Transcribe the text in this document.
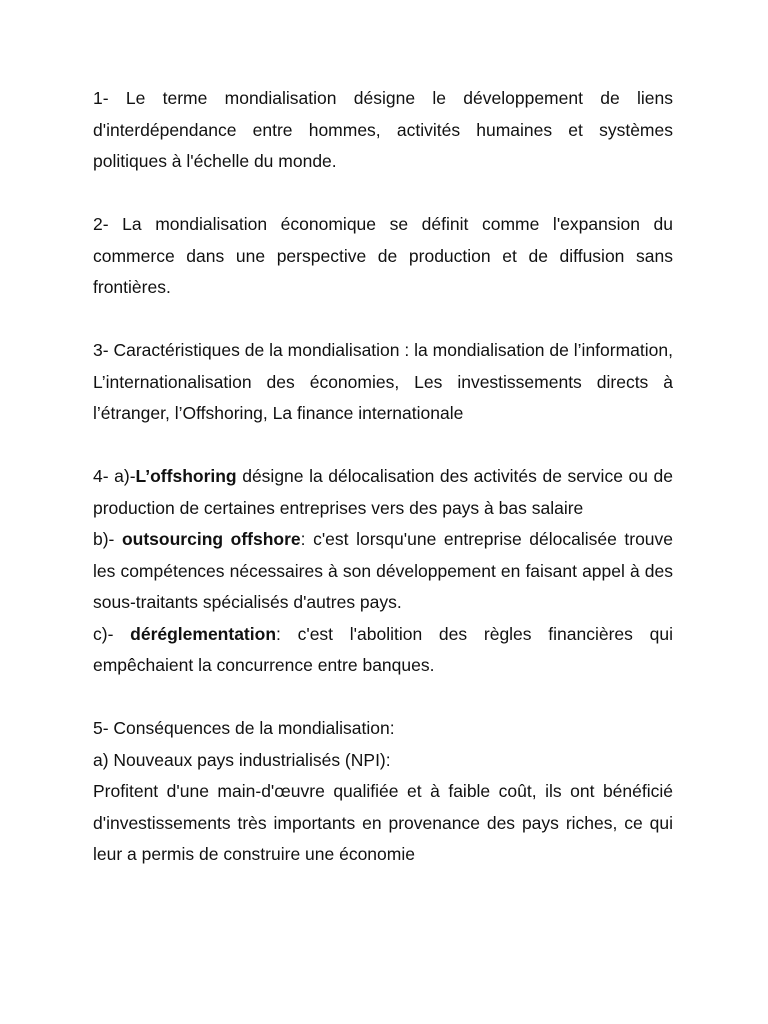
1- Le terme mondialisation désigne le développement de liens d'interdépendance entre hommes, activités humaines et systèmes politiques à l'échelle du monde.

2- La mondialisation économique se définit comme l'expansion du commerce dans une perspective de production et de diffusion sans frontières.

3- Caractéristiques de la mondialisation : la mondialisation de l’information, L’internationalisation des économies, Les investissements directs à l’étranger, l’Offshoring, La finance internationale

4- a)-L’offshoring désigne la délocalisation des activités de service ou de production de certaines entreprises vers des pays à bas salaire

b)- outsourcing offshore: c'est lorsqu'une entreprise délocalisée trouve les compétences nécessaires à son développement en faisant appel à des sous-traitants spécialisés d'autres pays.

c)- déréglementation: c'est l'abolition des règles financières qui empêchaient la concurrence entre banques.

5- Conséquences de la mondialisation:

a) Nouveaux pays industrialisés (NPI):

Profitent d'une main-d'œuvre qualifiée et à faible coût, ils ont bénéficié d'investissements très importants en provenance des pays riches, ce qui leur a permis de construire une économie
